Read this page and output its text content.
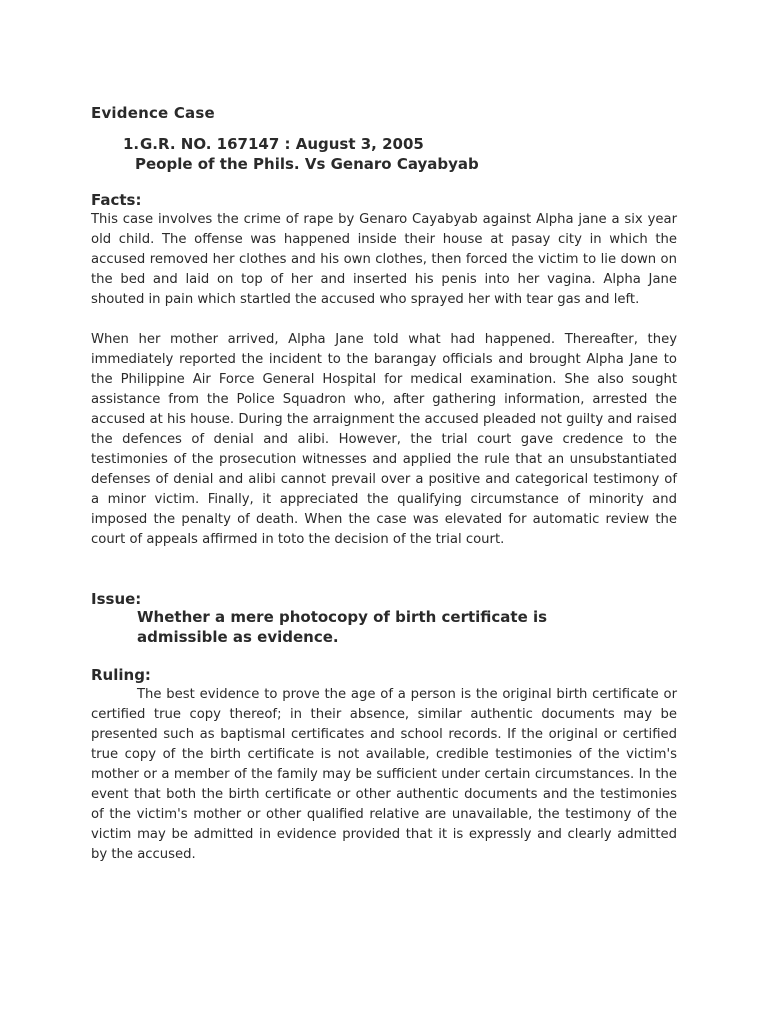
Evidence Case
1.G.R. NO. 167147 : August 3, 2005
People of the Phils. Vs Genaro Cayabyab
Facts:

This case involves the crime of rape by Genaro Cayabyab against Alpha jane a six year old child. The offense was happened inside their house at pasay city in which the accused removed her clothes and his own clothes, then forced the victim to lie down on the bed and laid on top of her and inserted his penis into her vagina. Alpha Jane shouted in pain which startled the accused who sprayed her with tear gas and left.

When her mother arrived, Alpha Jane told what had happened. Thereafter, they immediately reported the incident to the barangay officials and brought Alpha Jane to the Philippine Air Force General Hospital for medical examination. She also sought assistance from the Police Squadron who, after gathering information, arrested the accused at his house. During the arraignment the accused pleaded not guilty and raised the defences of denial and alibi. However, the trial court gave credence to the testimonies of the prosecution witnesses and applied the rule that an unsubstantiated defenses of denial and alibi cannot prevail over a positive and categorical testimony of a minor victim. Finally, it appreciated the qualifying circumstance of minority and imposed the penalty of death. When the case was elevated for automatic review the court of appeals affirmed in toto the decision of the trial court.

Issue:

Whether a mere photocopy of birth certificate is admissible as evidence.

Ruling:

The best evidence to prove the age of a person is the original birth certificate or certified true copy thereof; in their absence, similar authentic documents may be presented such as baptismal certificates and school records. If the original or certified true copy of the birth certificate is not available, credible testimonies of the victim's mother or a member of the family may be sufficient under certain circumstances. In the event that both the birth certificate or other authentic documents and the testimonies of the victim's mother or other qualified relative are unavailable, the testimony of the victim may be admitted in evidence provided that it is expressly and clearly admitted by the accused.
